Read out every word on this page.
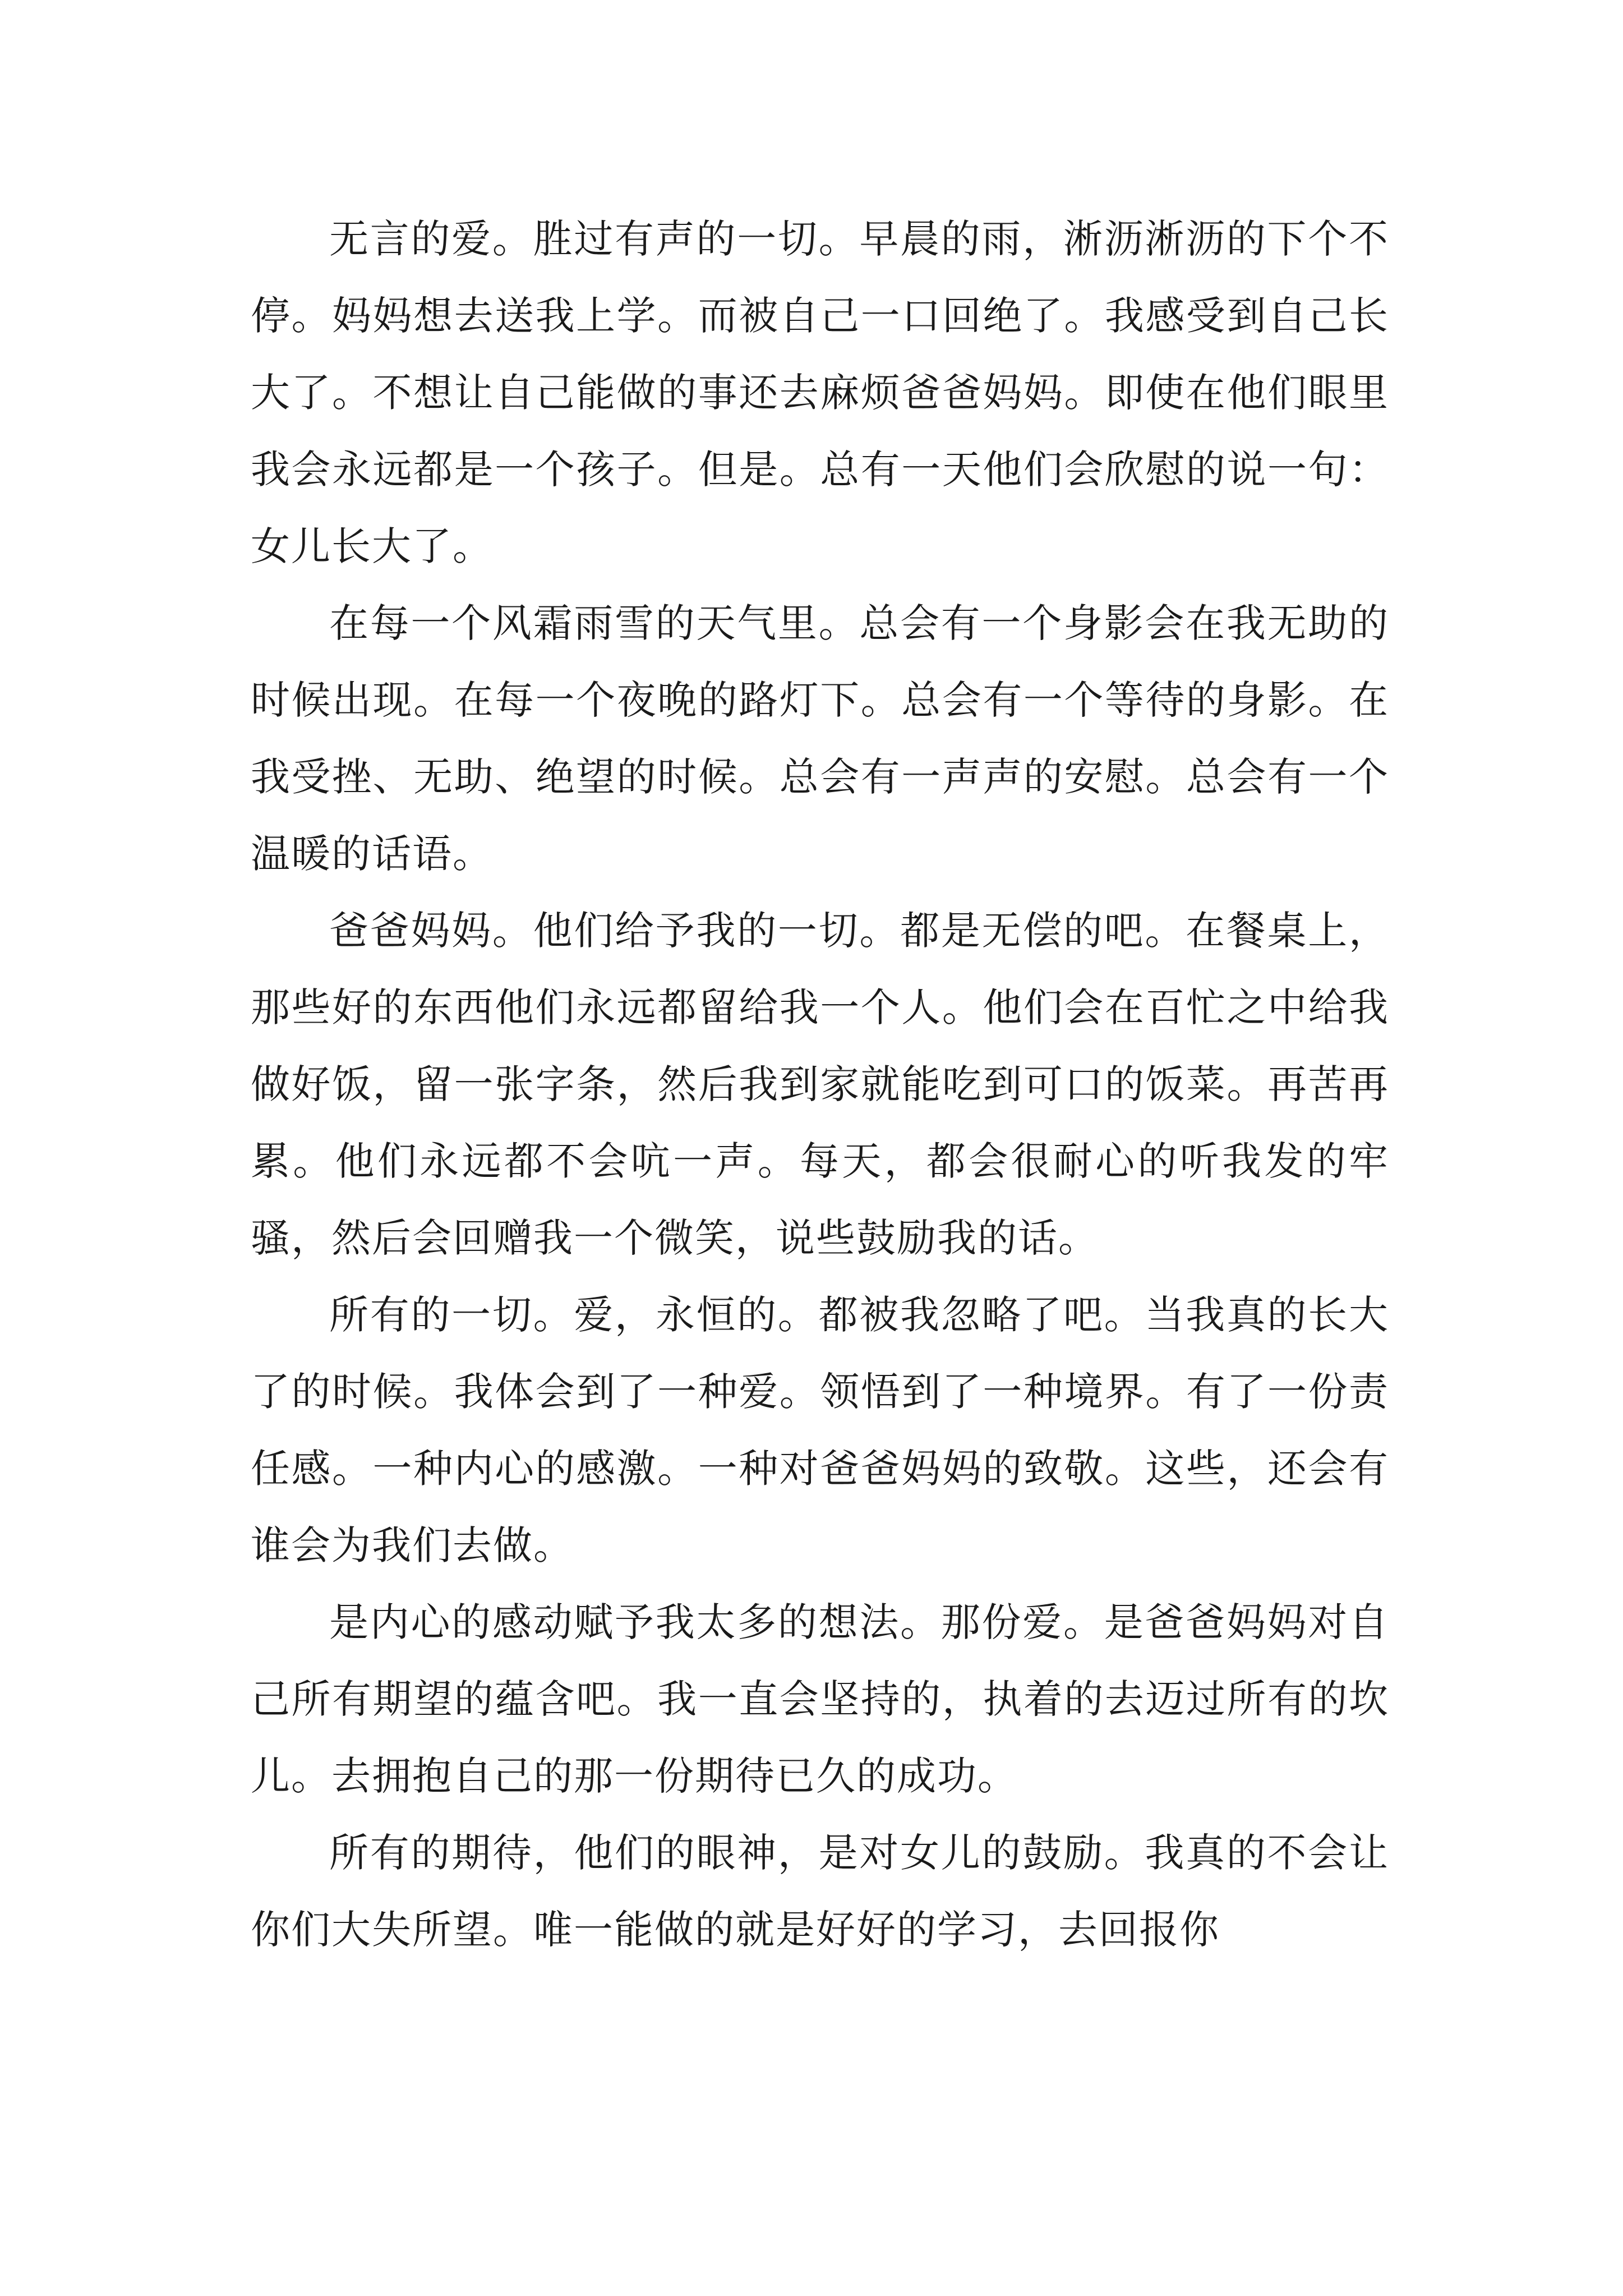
无言的爱。胜过有声的一切。早晨的雨，淅沥淅沥的下个不停。妈妈想去送我上学。而被自己一口回绝了。我感受到自己长大了。不想让自己能做的事还去麻烦爸爸妈妈。即使在他们眼里我会永远都是一个孩子。但是。总有一天他们会欣慰的说一句：女儿长大了。

在每一个风霜雨雪的天气里。总会有一个身影会在我无助的时候出现。在每一个夜晚的路灯下。总会有一个等待的身影。在我受挫、无助、绝望的时候。总会有一声声的安慰。总会有一个温暖的话语。

爸爸妈妈。他们给予我的一切。都是无偿的吧。在餐桌上，那些好的东西他们永远都留给我一个人。他们会在百忙之中给我做好饭，留一张字条，然后我到家就能吃到可口的饭菜。再苦再累。他们永远都不会吭一声。每天，都会很耐心的听我发的牢骚，然后会回赠我一个微笑，说些鼓励我的话。

所有的一切。爱，永恒的。都被我忽略了吧。当我真的长大了的时候。我体会到了一种爱。领悟到了一种境界。有了一份责任感。一种内心的感激。一种对爸爸妈妈的致敬。这些，还会有谁会为我们去做。

是内心的感动赋予我太多的想法。那份爱。是爸爸妈妈对自己所有期望的蕴含吧。我一直会坚持的，执着的去迈过所有的坎儿。去拥抱自己的那一份期待已久的成功。

所有的期待，他们的眼神，是对女儿的鼓励。我真的不会让你们大失所望。唯一能做的就是好好的学习，去回报你
